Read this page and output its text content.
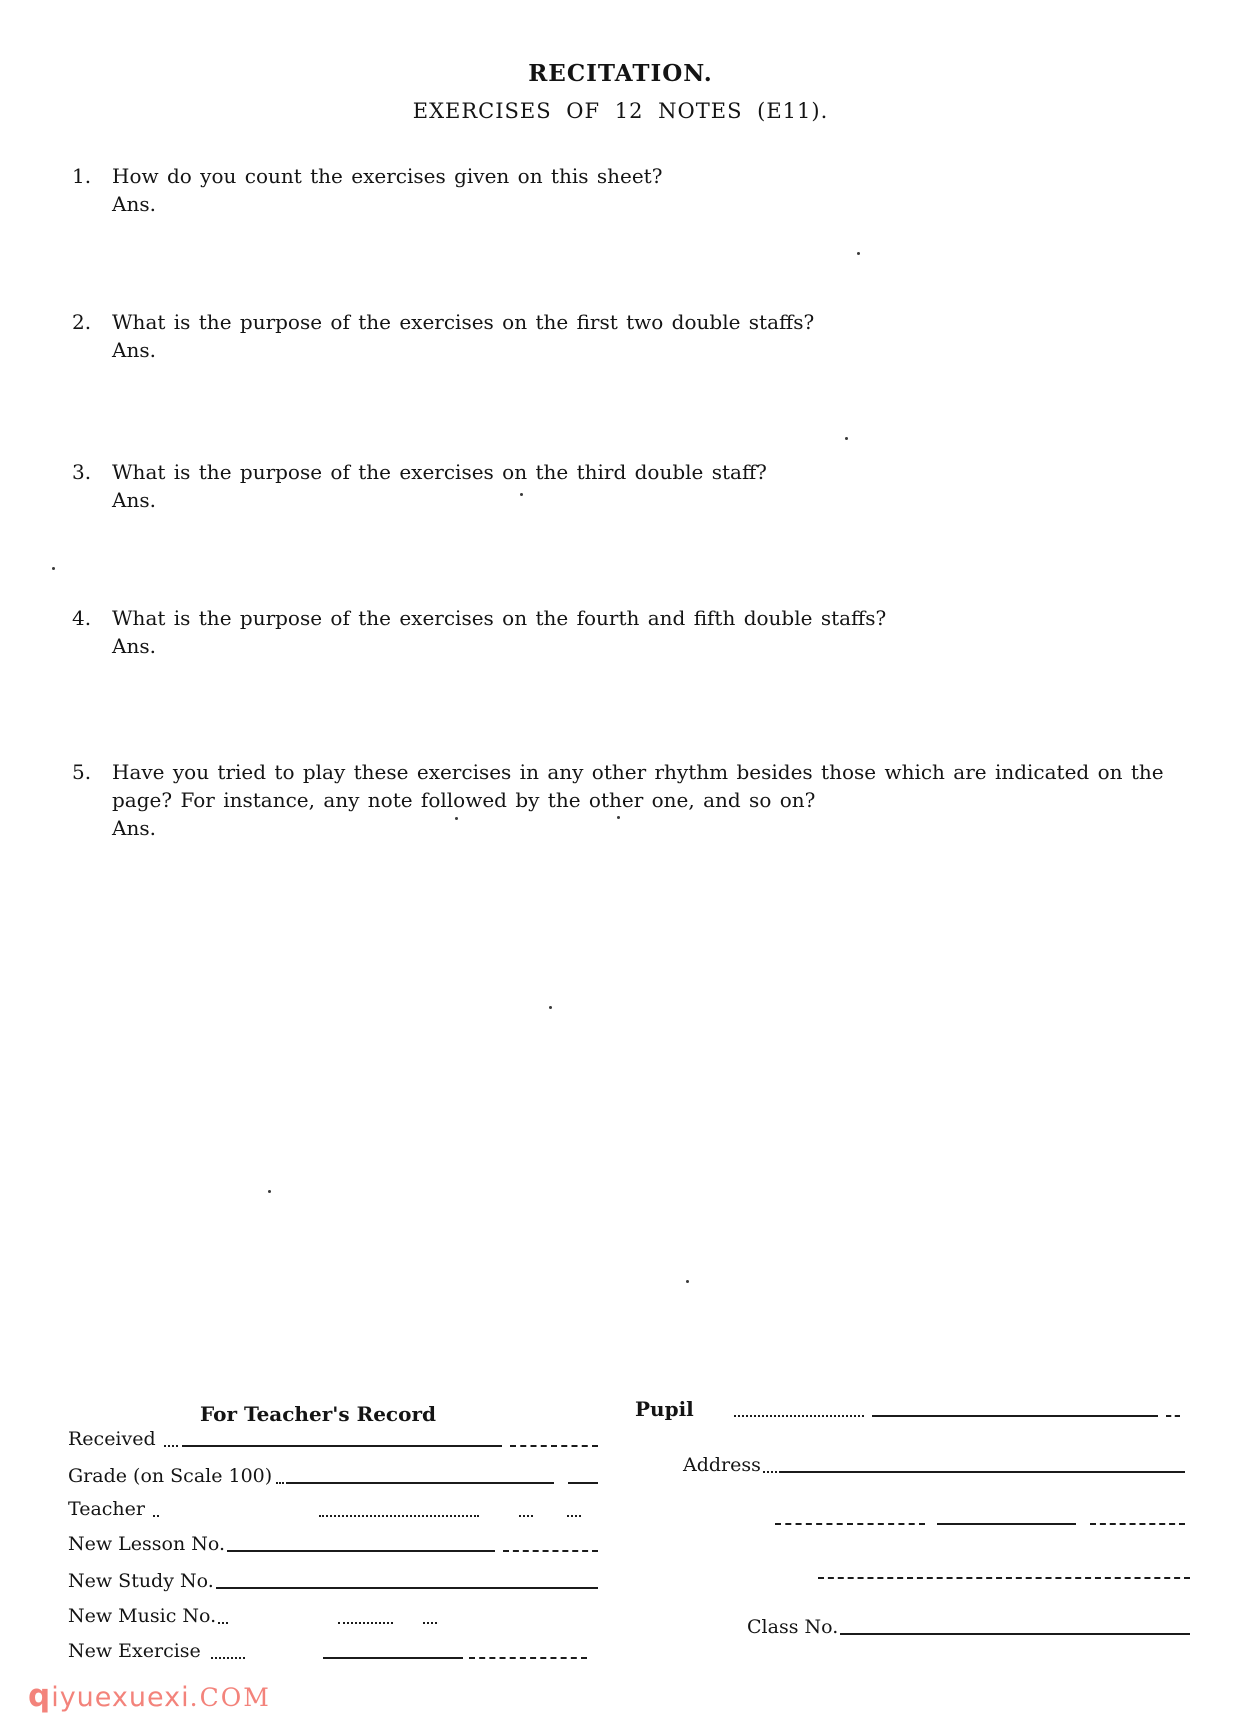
RECITATION.
EXERCISES OF 12 NOTES (E11).
1.	How do you count the exercises given on this sheet?
Ans.
2.	What is the purpose of the exercises on the first two double staffs?
Ans.
3.	What is the purpose of the exercises on the third double staff?
Ans.
4.	What is the purpose of the exercises on the fourth and fifth double staffs?
Ans.
5.	Have you tried to play these exercises in any other rhythm besides those which are indicated on the page? For instance, any note followed by the other one, and so on?
Ans.
For Teacher's Record
Received
Grade (on Scale 100)
Teacher
New Lesson No.
New Study No.
New Music No.
New Exercise
Pupil
Address
Class No.
qiyuexuexi.COM
